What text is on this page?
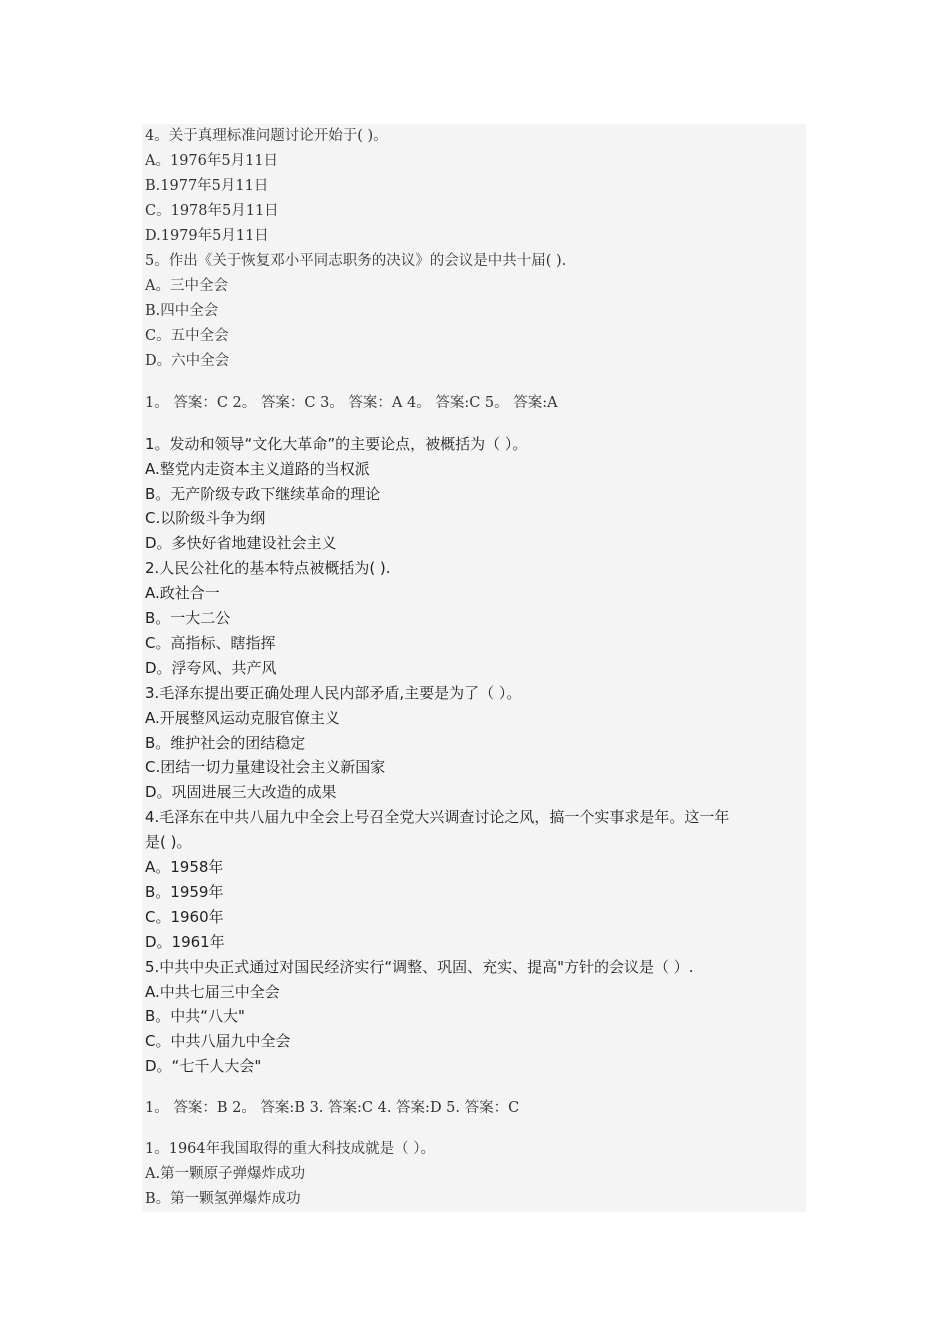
4。关于真理标准问题讨论开始于( )。
A。1976年5月11日
B.1977年5月11日
C。1978年5月11日
D.1979年5月11日
5。作出《关于恢复邓小平同志职务的决议》的会议是中共十届( ).
A。三中全会
B.四中全会
C。五中全会
D。六中全会
1。 答案：C 2。 答案：C 3。 答案：A 4。 答案:C 5。 答案:A
1。发动和领导“文化大革命”的主要论点，被概括为（ ）。
A.整党内走资本主义道路的当权派
B。无产阶级专政下继续革命的理论
C.以阶级斗争为纲
D。多快好省地建设社会主义
2.人民公社化的基本特点被概括为( ).
A.政社合一
B。一大二公
C。高指标、瞎指挥
D。浮夸风、共产风
3.毛泽东提出要正确处理人民内部矛盾,主要是为了（ ）。
A.开展整风运动克服官僚主义
B。维护社会的团结稳定
C.团结一切力量建设社会主义新国家
D。巩固进展三大改造的成果
4.毛泽东在中共八届九中全会上号召全党大兴调查讨论之风，搞一个实事求是年。这一年
是( )。
A。1958年
B。1959年
C。1960年
D。1961年
5.中共中央正式通过对国民经济实行“调整、巩固、充实、提高"方针的会议是（ ）.
A.中共七届三中全会
B。中共“八大"
C。中共八届九中全会
D。“七千人大会"
1。 答案：B 2。 答案:B 3. 答案:C 4. 答案:D 5. 答案：C
1。1964年我国取得的重大科技成就是（ ）。
A.第一颗原子弹爆炸成功
B。第一颗氢弹爆炸成功
